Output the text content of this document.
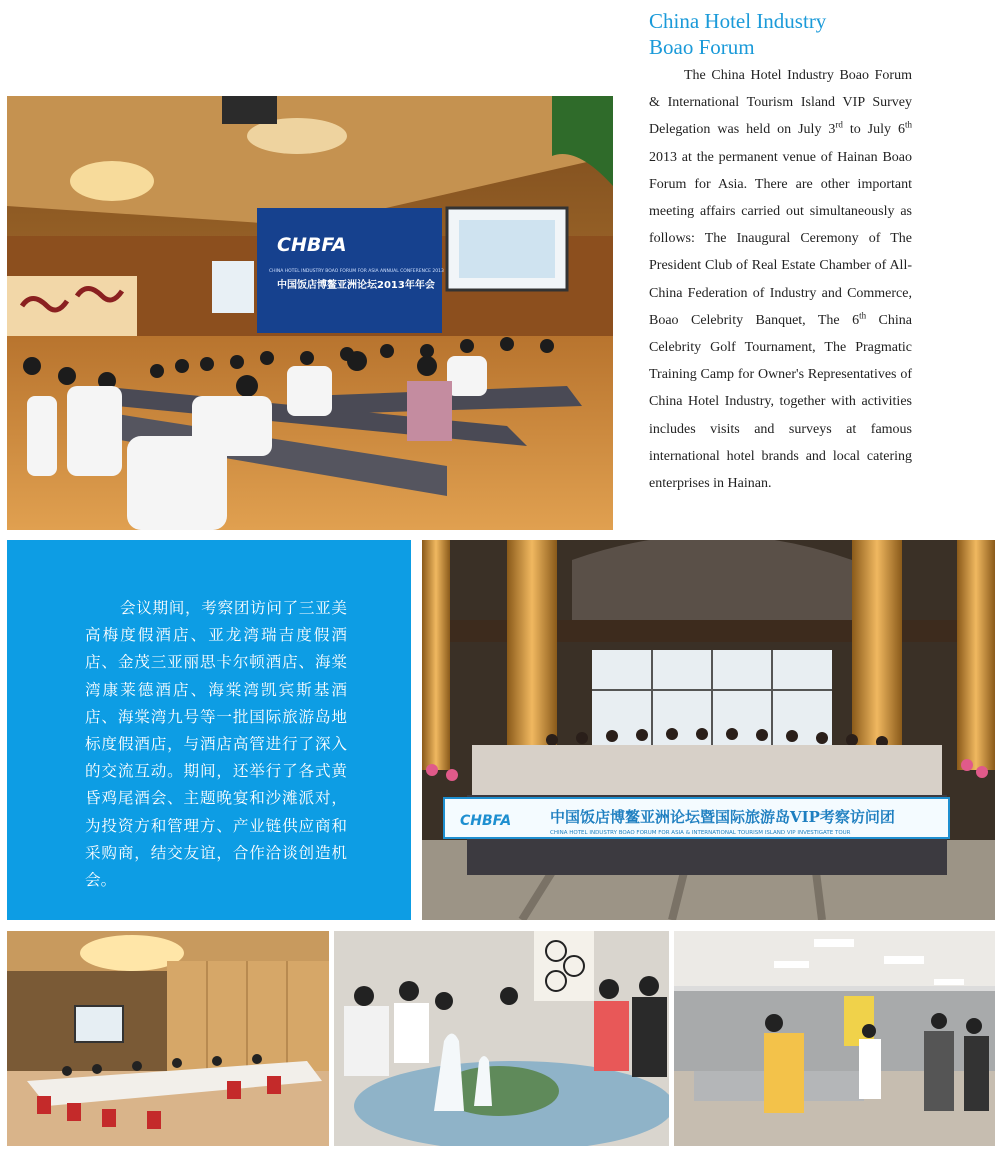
China Hotel Industry
Boao Forum

The China Hotel Industry Boao Forum & International Tourism Island VIP Survey Delegation was held on July 3rd to July 6th 2013 at the permanent venue of Hainan Boao Forum for Asia. There are other important meeting affairs carried out simultaneously as follows: The Inaugural Ceremony of The President Club of Real Estate Chamber of All-China Federation of Industry and Commerce, Boao Celebrity Banquet, The 6th China Celebrity Golf Tournament, The Pragmatic Training Camp for Owner's Representatives of China Hotel Industry, together with activities includes visits and surveys at famous international hotel brands and local catering enterprises in Hainan.

CHBFA
CHINA HOTEL INDUSTRY BOAO FORUM FOR ASIA ANNUAL CONFERENCE 2013
中国饭店博鳌亚洲论坛2013年年会

会议期间，考察团访问了三亚美高梅度假酒店、亚龙湾瑞吉度假酒店、金茂三亚丽思卡尔顿酒店、海棠湾康莱德酒店、海棠湾凯宾斯基酒店、海棠湾九号等一批国际旅游岛地标度假酒店，与酒店高管进行了深入的交流互动。期间，还举行了各式黄昏鸡尾酒会、主题晚宴和沙滩派对，为投资方和管理方、产业链供应商和采购商，结交友谊，合作洽谈创造机会。

CHBFA	中国饭店博鳌亚洲论坛暨国际旅游岛VIP考察访问团
CHINA HOTEL INDUSTRY BOAO FORUM FOR ASIA & INTERNATIONAL TOURISM ISLAND VIP INVESTIGATE TOUR
